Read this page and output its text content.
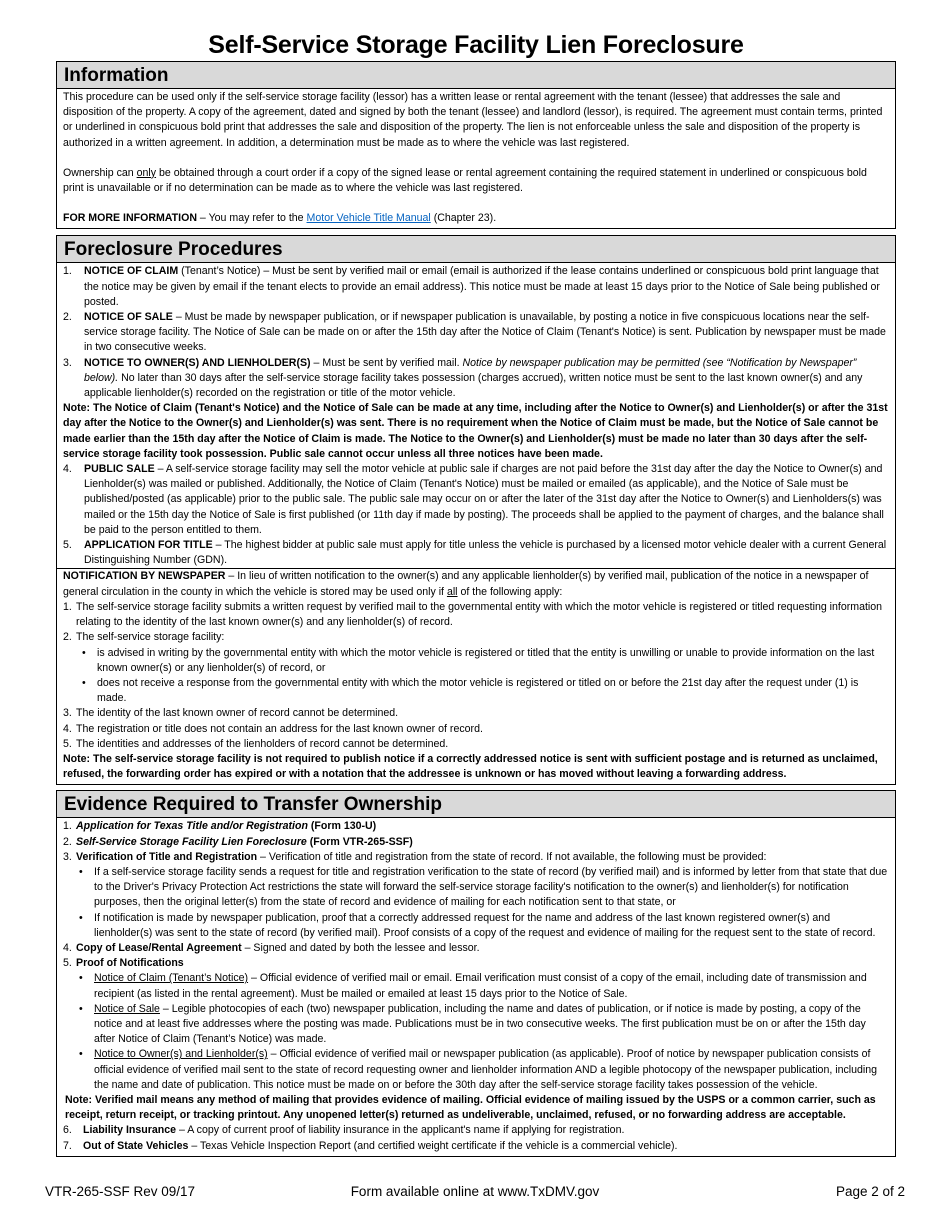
Self-Service Storage Facility Lien Foreclosure
Information

This procedure can be used only if the self-service storage facility (lessor) has a written lease or rental agreement with the tenant (lessee) that addresses the sale and disposition of the property. A copy of the agreement, dated and signed by both the tenant (lessee) and landlord (lessor), is required. The agreement must contain terms, printed or underlined in conspicuous bold print that addresses the sale and disposition of the property. The lien is not enforceable unless the sale and disposition of the property is authorized in a written agreement. In addition, a determination must be made as to where the vehicle was last registered.

Ownership can only be obtained through a court order if a copy of the signed lease or rental agreement containing the required statement in underlined or conspicuous bold print is unavailable or if no determination can be made as to where the vehicle was last registered.

FOR MORE INFORMATION – You may refer to the Motor Vehicle Title Manual (Chapter 23).

Foreclosure Procedures
1. NOTICE OF CLAIM (Tenant’s Notice) – Must be sent by verified mail or email (email is authorized if the lease contains underlined or conspicuous bold print language that the notice may be given by email if the tenant elects to provide an email address). This notice must be made at least 15 days prior to the Notice of Sale being published or posted.
2. NOTICE OF SALE – Must be made by newspaper publication, or if newspaper publication is unavailable, by posting a notice in five conspicuous locations near the self-service storage facility. The Notice of Sale can be made on or after the 15th day after the Notice of Claim (Tenant's Notice) is sent. Publication by newspaper must be made in two consecutive weeks.
3. NOTICE TO OWNER(S) AND LIENHOLDER(S) – Must be sent by verified mail. Notice by newspaper publication may be permitted (see “Notification by Newspaper” below). No later than 30 days after the self-service storage facility takes possession (charges accrued), written notice must be sent to the last known owner(s) and any applicable lienholder(s) recorded on the registration or title of the motor vehicle.

Note: The Notice of Claim (Tenant's Notice) and the Notice of Sale can be made at any time, including after the Notice to Owner(s) and Lienholder(s) or after the 31st day after the Notice to the Owner(s) and Lienholder(s) was sent. There is no requirement when the Notice of Claim must be made, but the Notice of Sale cannot be made earlier than the 15th day after the Notice of Claim is made. The Notice to the Owner(s) and Lienholder(s) must be made no later than 30 days after the self-service storage facility took possession. Public sale cannot occur unless all three notices have been made.

4. PUBLIC SALE – A self-service storage facility may sell the motor vehicle at public sale if charges are not paid before the 31st day after the day the Notice to Owner(s) and Lienholder(s) was mailed or published. Additionally, the Notice of Claim (Tenant's Notice) must be mailed or emailed (as applicable), and the Notice of Sale must be published/posted (as applicable) prior to the public sale. The public sale may occur on or after the later of the 31st day after the Notice to Owner(s) and Lienholders(s) was mailed or the 15th day the Notice of Sale is first published (or 11th day if made by posting). The proceeds shall be applied to the payment of charges, and the balance shall be paid to the person entitled to them.
5. APPLICATION FOR TITLE – The highest bidder at public sale must apply for title unless the vehicle is purchased by a licensed motor vehicle dealer with a current General Distinguishing Number (GDN).

NOTIFICATION BY NEWSPAPER – In lieu of written notification to the owner(s) and any applicable lienholder(s) by verified mail, publication of the notice in a newspaper of general circulation in the county in which the vehicle is stored may be used only if all of the following apply:

1. The self-service storage facility submits a written request by verified mail to the governmental entity with which the motor vehicle is registered or titled requesting information relating to the identity of the last known owner(s) and any lienholder(s) of record.
2. The self-service storage facility:
• is advised in writing by the governmental entity with which the motor vehicle is registered or titled that the entity is unwilling or unable to provide information on the last known owner(s) or any lienholder(s) of record, or
• does not receive a response from the governmental entity with which the motor vehicle is registered or titled on or before the 21st day after the request under (1) is made.
3. The identity of the last known owner of record cannot be determined.
4. The registration or title does not contain an address for the last known owner of record.
5. The identities and addresses of the lienholders of record cannot be determined.

Note: The self-service storage facility is not required to publish notice if a correctly addressed notice is sent with sufficient postage and is returned as unclaimed, refused, the forwarding order has expired or with a notation that the addressee is unknown or has moved without leaving a forwarding address.

Evidence Required to Transfer Ownership
1. Application for Texas Title and/or Registration (Form 130-U)
2. Self-Service Storage Facility Lien Foreclosure (Form VTR-265-SSF)
3. Verification of Title and Registration – Verification of title and registration from the state of record. If not available, the following must be provided:
• If a self-service storage facility sends a request for title and registration verification to the state of record (by verified mail) and is informed by letter from that state that due to the Driver's Privacy Protection Act restrictions the state will forward the self-service storage facility's notification to the owner(s) and lienholder(s) for notification purposes, then the original letter(s) from the state of record and evidence of mailing for each notification sent to that state, or
• If notification is made by newspaper publication, proof that a correctly addressed request for the name and address of the last known registered owner(s) and lienholder(s) was sent to the state of record (by verified mail). Proof consists of a copy of the request and evidence of mailing for the request sent to the state of record.
4. Copy of Lease/Rental Agreement – Signed and dated by both the lessee and lessor.
5. Proof of Notifications
• Notice of Claim (Tenant’s Notice) – Official evidence of verified mail or email. Email verification must consist of a copy of the email, including date of transmission and recipient (as listed in the rental agreement). Must be mailed or emailed at least 15 days prior to the Notice of Sale.
• Notice of Sale – Legible photocopies of each (two) newspaper publication, including the name and dates of publication, or if notice is made by posting, a copy of the notice and at least five addresses where the posting was made. Publications must be in two consecutive weeks. The first publication must be on or after the 15th day after Notice of Claim (Tenant’s Notice) was made.
• Notice to Owner(s) and Lienholder(s) – Official evidence of verified mail or newspaper publication (as applicable). Proof of notice by newspaper publication consists of official evidence of verified mail sent to the state of record requesting owner and lienholder information AND a legible photocopy of the newspaper publication, including the name and date of publication. This notice must be made on or before the 30th day after the self-service storage facility takes possession of the vehicle.

Note: Verified mail means any method of mailing that provides evidence of mailing. Official evidence of mailing issued by the USPS or a common carrier, such as receipt, return receipt, or tracking printout. Any unopened letter(s) returned as undeliverable, unclaimed, refused, or no forwarding address are acceptable.

6. Liability Insurance – A copy of current proof of liability insurance in the applicant's name if applying for registration.
7. Out of State Vehicles – Texas Vehicle Inspection Report (and certified weight certificate if the vehicle is a commercial vehicle).
VTR-265-SSF Rev 09/17	Form available online at www.TxDMV.gov	Page 2 of 2
